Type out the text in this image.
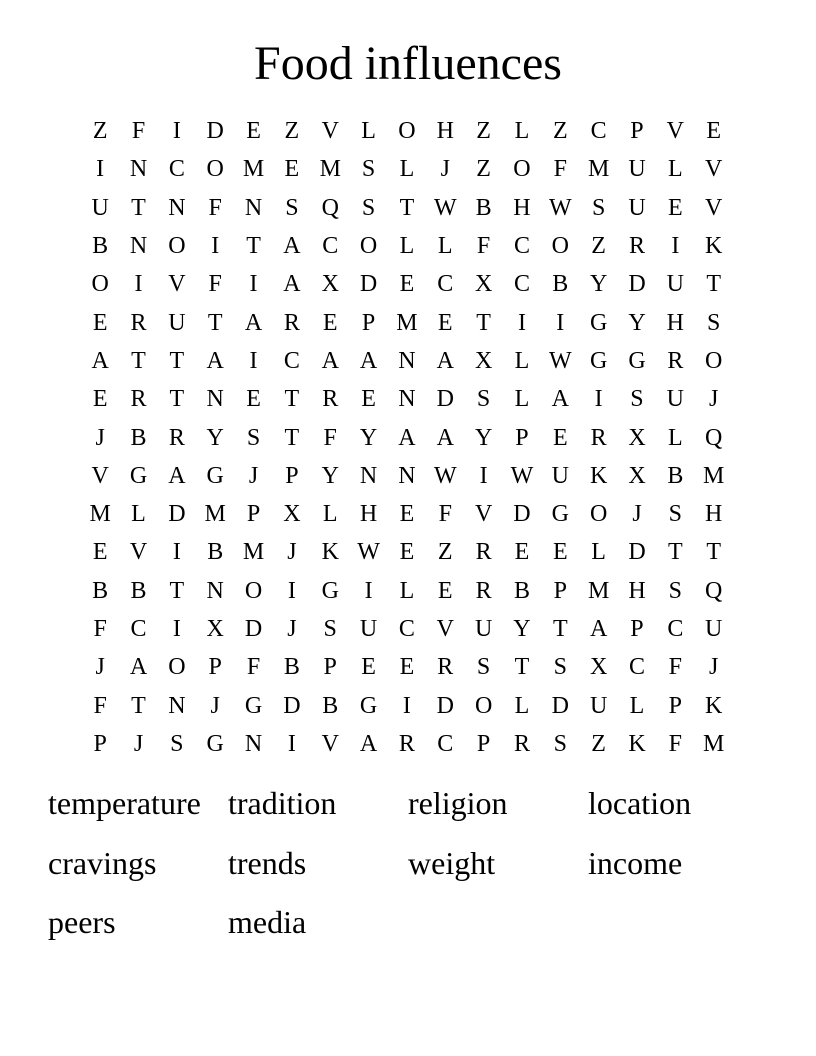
Food influences
Z	F	I	D E Z V L O H Z L Z C P V E
I	N C O M E M S	L	J	Z O F M U L V
U T N F N S Q S	T W B H W S U E V
B N O	I	T A C O L L	F C O Z R	I	K
O	I	V F	I	A X D E C X C B Y D U T
E R U T A R E	P M E T	I	I	G Y H S
A T T A	I	C A A N A X L W G G R O
E R T N E T R E N D S	L A	I	S U	J
J	B R Y S	T	F Y A A Y P	E R X L Q
V G A G	J	P Y N N W I W U K X B M
M L D M P X L H E	F V D G O	J	S H
E V	I	B M J	K W E Z R E E L D T T
B B T N O	I	G	I	L E R B P M H S Q
F C	I	X D	J	S U C V U Y T A P C U
J	A O P	F B P	E E R S	T	S X C F	J
F	T N	J	G D B G	I	D O L D U L	P K
P	J	S G N	I	V A R C P R S	Z K F M
temperature tradition	religion	location
cravings	trends	weight	income
peers	media
